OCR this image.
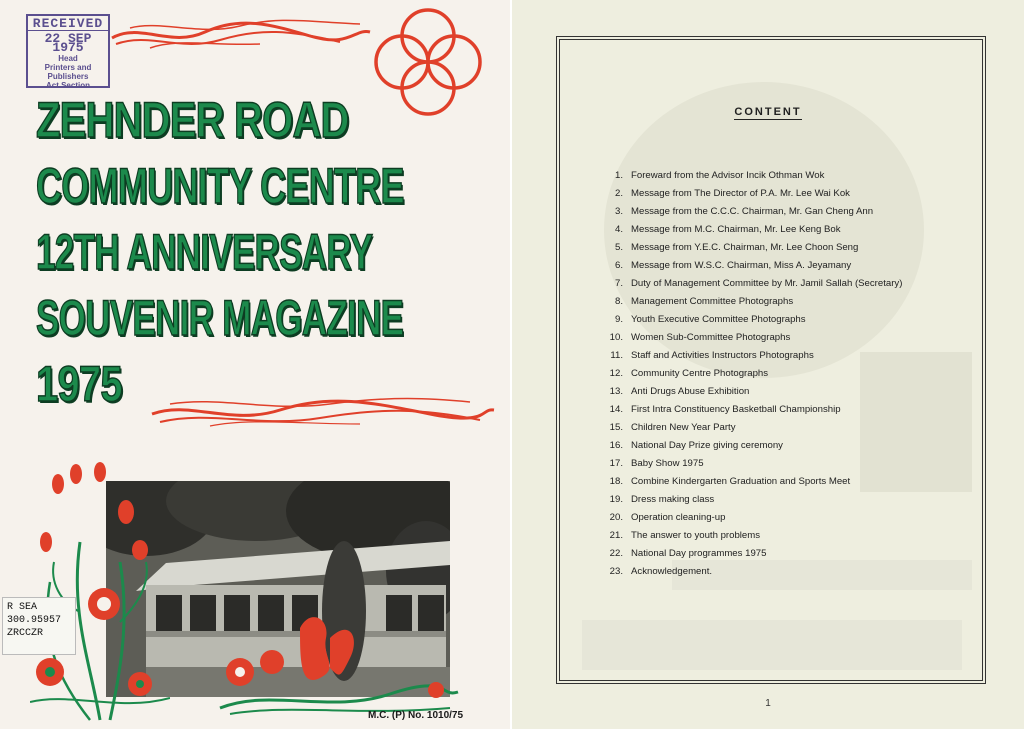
RECEIVED
22 SEP 1975
Head
Printers and Publishers
Act Section
ZEHNDER ROAD
COMMUNITY CENTRE
12TH ANNIVERSARY
SOUVENIR MAGAZINE
1975
R SEA
300.95957
ZRCCZR
M.C. (P) No. 1010/75
CONTENT
1. Foreward from the Advisor Incik Othman Wok
2. Message from The Director of P.A. Mr. Lee Wai Kok
3. Message from the C.C.C. Chairman, Mr. Gan Cheng Ann
4. Message from M.C. Chairman, Mr. Lee Keng Bok
5. Message from Y.E.C. Chairman, Mr. Lee Choon Seng
6. Message from W.S.C. Chairman, Miss A. Jeyamany
7. Duty of Management Committee by Mr. Jamil Sallah (Secretary)
8. Management Committee Photographs
9. Youth Executive Committee Photographs
10. Women Sub-Committee Photographs
11. Staff and Activities Instructors Photographs
12. Community Centre Photographs
13. Anti Drugs Abuse Exhibition
14. First Intra Constituency Basketball Championship
15. Children New Year Party
16. National Day Prize giving ceremony
17. Baby Show 1975
18. Combine Kindergarten Graduation and Sports Meet
19. Dress making class
20. Operation cleaning-up
21. The answer to youth problems
22. National Day programmes 1975
23. Acknowledgement.
1
